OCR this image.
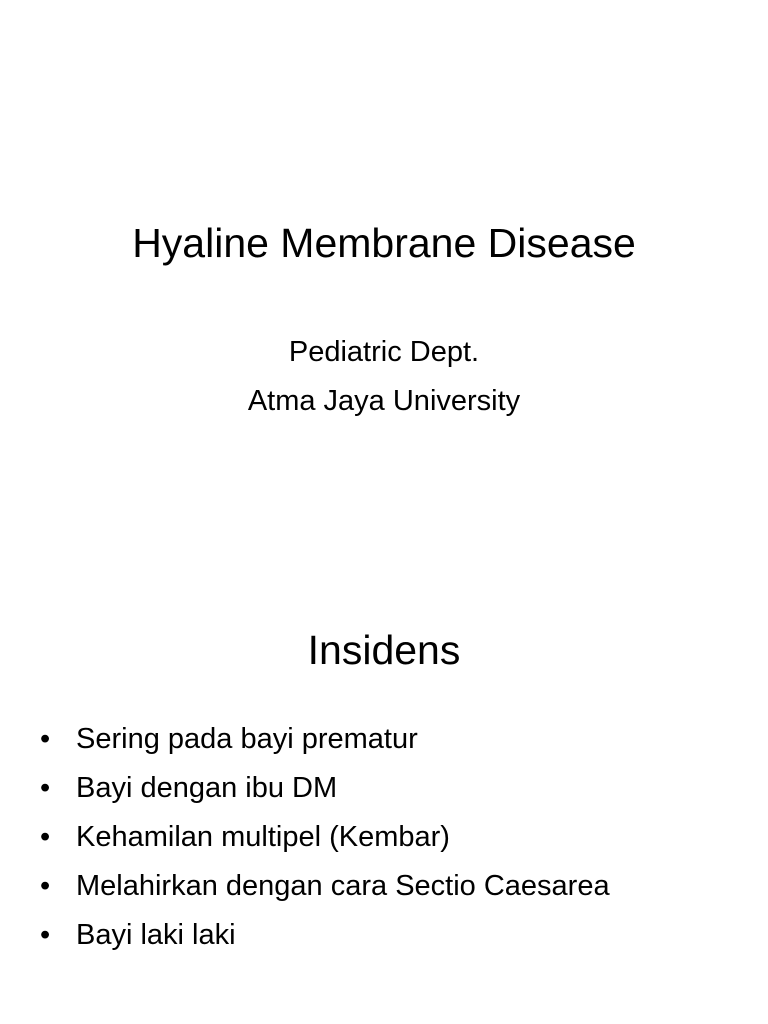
Hyaline Membrane Disease

Pediatric Dept.

Atma Jaya University

Insidens
• Sering pada bayi prematur
• Bayi dengan ibu DM
• Kehamilan multipel (Kembar)
• Melahirkan dengan cara Sectio Caesarea
• Bayi laki laki
